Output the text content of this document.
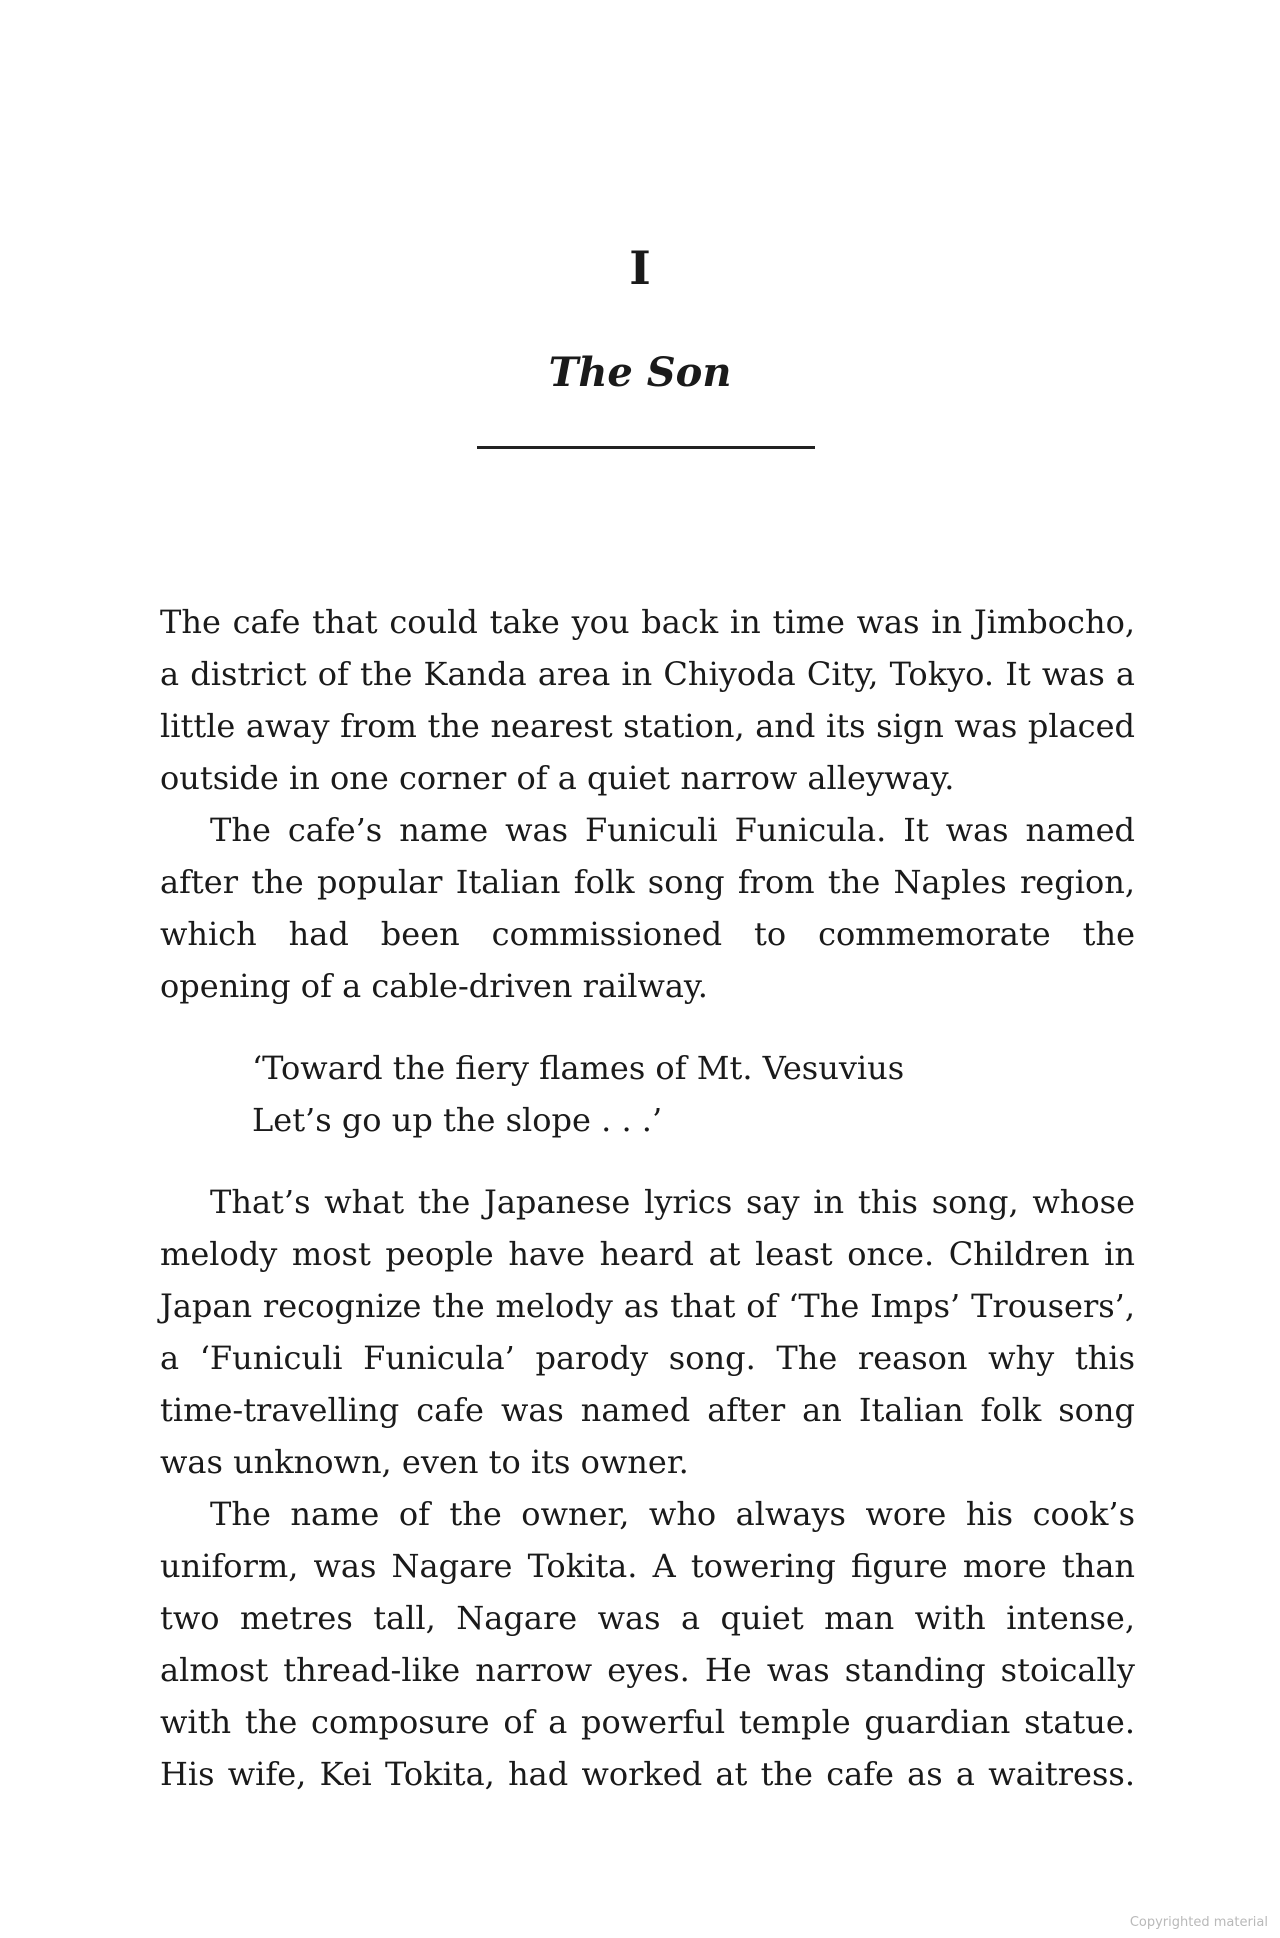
I
The Son

The cafe that could take you back in time was in Jimbocho, a district of the Kanda area in Chiyoda City, Tokyo. It was a little away from the nearest station, and its sign was placed outside in one corner of a quiet narrow alleyway.

The cafe’s name was Funiculi Funicula. It was named after the popular Italian folk song from the Naples region, which had been commissioned to commemorate the opening of a cable-driven railway.

‘Toward the fiery flames of Mt. Vesuvius
Let’s go up the slope . . .’

That’s what the Japanese lyrics say in this song, whose melody most people have heard at least once. Children in Japan recognize the melody as that of ‘The Imps’ Trousers’, a ‘Funiculi Funicula’ parody song. The reason why this time-travelling cafe was named after an Italian folk song was unknown, even to its owner.

The name of the owner, who always wore his cook’s uniform, was Nagare Tokita. A towering figure more than two metres tall, Nagare was a quiet man with intense, almost thread-like narrow eyes. He was standing stoically with the composure of a powerful temple guardian statue. His wife, Kei Tokita, had worked at the cafe as a waitress.

Copyrighted material
